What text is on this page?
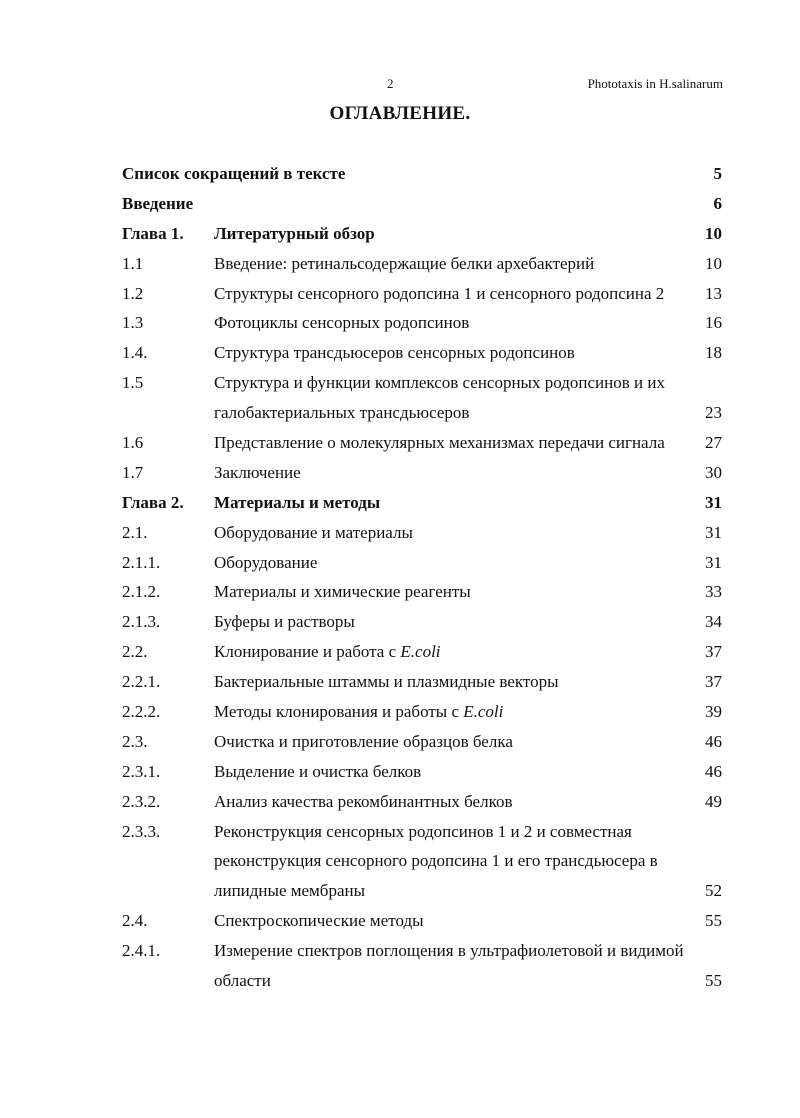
2	Phototaxis in H.salinarum
ОГЛАВЛЕНИЕ.
Список сокращений в тексте	5
Введение	6
Глава 1. Литературный обзор	10
1.1	Введение: ретинальсодержащие белки архебактерий	10
1.2	Структуры сенсорного родопсина 1 и сенсорного родопсина 2 13
1.3	Фотоциклы сенсорных родопсинов	16
1.4.	Структура трансдьюсеров сенсорных родопсинов	18
1.5	Структура и функции комплексов сенсорных родопсинов и их
галобактериальных трансдьюсеров	23
1.6	Представление о молекулярных механизмах передачи сигнала 27
1.7	Заключение	30
Глава 2. Материалы и методы	31
2.1.	Оборудование и материалы	31
2.1.1.	Оборудование	31
2.1.2.	Материалы и химические реагенты	33
2.1.3.	Буферы и растворы	34
2.2.	Клонирование и работа с E.coli	37
2.2.1.	Бактериальные штаммы и плазмидные векторы	37
2.2.2.	Методы клонирования и работы с E.coli	39
2.3.	Очистка и приготовление образцов белка	46
2.3.1.	Выделение и очистка белков	46
2.3.2.	Анализ качества рекомбинантных белков	49
2.3.3.	Реконструкция сенсорных родопсинов 1 и 2 и совместная
реконструкция сенсорного родопсина 1 и его трансдьюсера в
липидные мембраны	52
2.4.	Спектроскопические методы	55
2.4.1.	Измерение спектров поглощения в ультрафиолетовой и видимой
области	55
